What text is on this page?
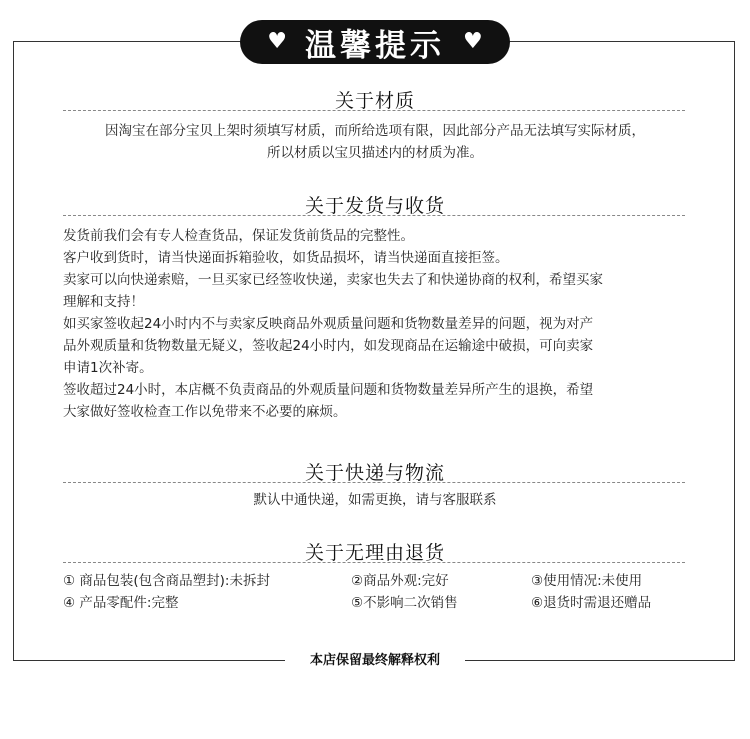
♥ 温馨提示 ♥
关于材质

因淘宝在部分宝贝上架时须填写材质，而所给选项有限，因此部分产品无法填写实际材质，

所以材质以宝贝描述内的材质为准。

关于发货与收货

发货前我们会有专人检查货品，保证发货前货品的完整性。

客户收到货时，请当快递面拆箱验收，如货品损坏，请当快递面直接拒签。

卖家可以向快递索赔，一旦买家已经签收快递，卖家也失去了和快递协商的权利，希望买家

理解和支持！

如买家签收起24小时内不与卖家反映商品外观质量问题和货物数量差异的问题，视为对产

品外观质量和货物数量无疑义，签收起24小时内，如发现商品在运输途中破损，可向卖家

申请1次补寄。

签收超过24小时，本店概不负责商品的外观质量问题和货物数量差异所产生的退换，希望

大家做好签收检查工作以免带来不必要的麻烦。

关于快递与物流

默认中通快递，如需更换，请与客服联系

关于无理由退货
① 商品包装(包含商品塑封):未拆封	②商品外观:完好	③使用情况:未使用
④ 产品零配件:完整	⑤不影响二次销售	⑥退货时需退还赠品
本店保留最终解释权利
